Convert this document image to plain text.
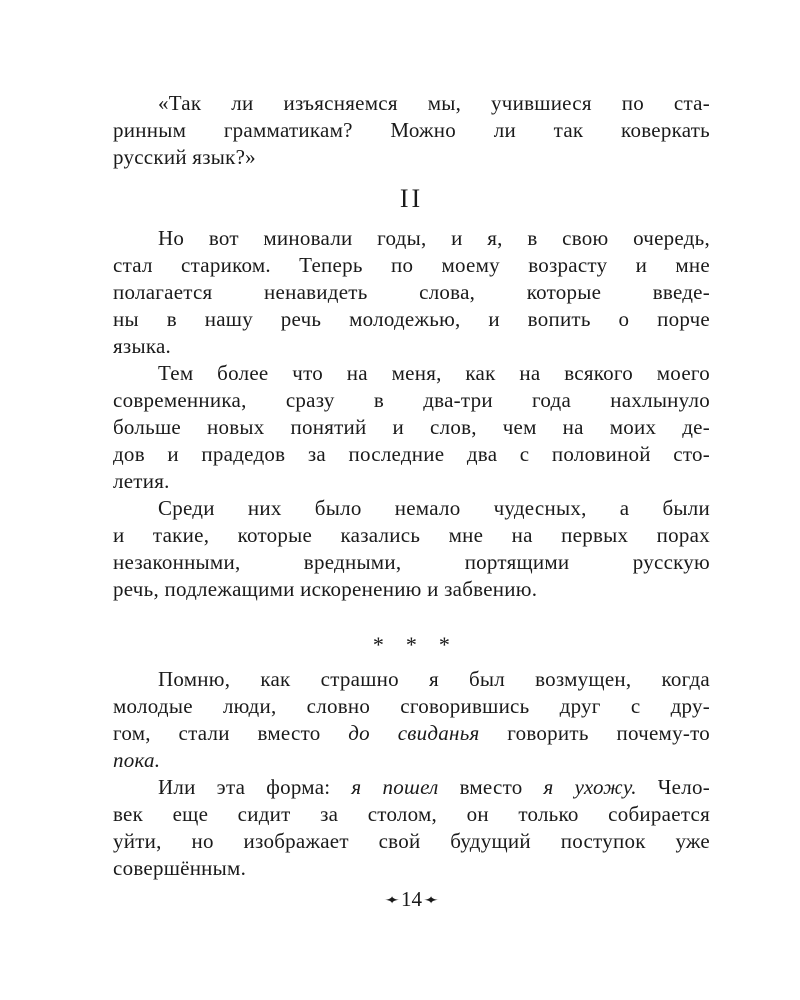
«Так ли изъясняемся мы, учившиеся по ста-
ринным грамматикам? Можно ли так коверкать
русский язык?»
II
Но вот миновали годы, и я, в свою очередь,
стал стариком. Теперь по моему возрасту и мне
полагается ненавидеть слова, которые введе-
ны в нашу речь молодежью, и вопить о порче
языка.
Тем более что на меня, как на всякого моего
современника, сразу в два-три года нахлынуло
больше новых понятий и слов, чем на моих де-
дов и прадедов за последние два с половиной сто-
летия.
Среди них было немало чудесных, а были
и такие, которые казались мне на первых порах
незаконными, вредными, портящими русскую
речь, подлежащими искоренению и забвению.
* * *
Помню, как страшно я был возмущен, когда
молодые люди, словно сговорившись друг с дру-
гом, стали вместо до свиданья говорить почему-то
пока.
Или эта форма: я пошел вместо я ухожу. Чело-
век еще сидит за столом, он только собирается
уйти, но изображает свой будущий поступок уже
совершённым.
✦14✦
